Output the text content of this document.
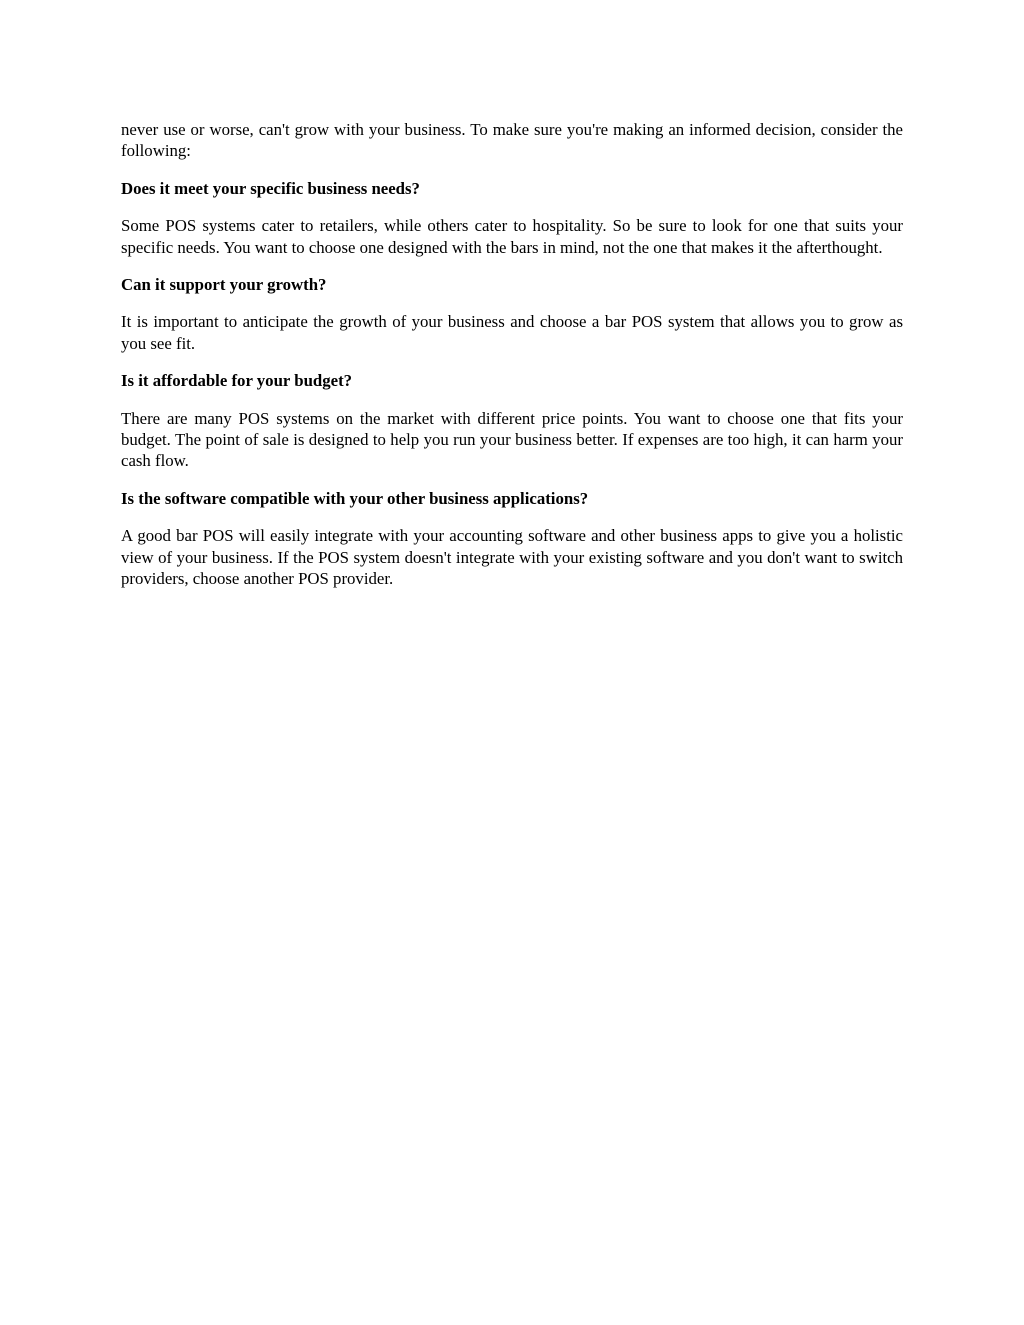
never use or worse, can't grow with your business. To make sure you're making an informed decision, consider the following:

Does it meet your specific business needs?

Some POS systems cater to retailers, while others cater to hospitality. So be sure to look for one that suits your specific needs. You want to choose one designed with the bars in mind, not the one that makes it the afterthought.

Can it support your growth?

It is important to anticipate the growth of your business and choose a bar POS system that allows you to grow as you see fit.

Is it affordable for your budget?

There are many POS systems on the market with different price points. You want to choose one that fits your budget. The point of sale is designed to help you run your business better. If expenses are too high, it can harm your cash flow.

Is the software compatible with your other business applications?

A good bar POS will easily integrate with your accounting software and other business apps to give you a holistic view of your business. If the POS system doesn't integrate with your existing software and you don't want to switch providers, choose another POS provider.
